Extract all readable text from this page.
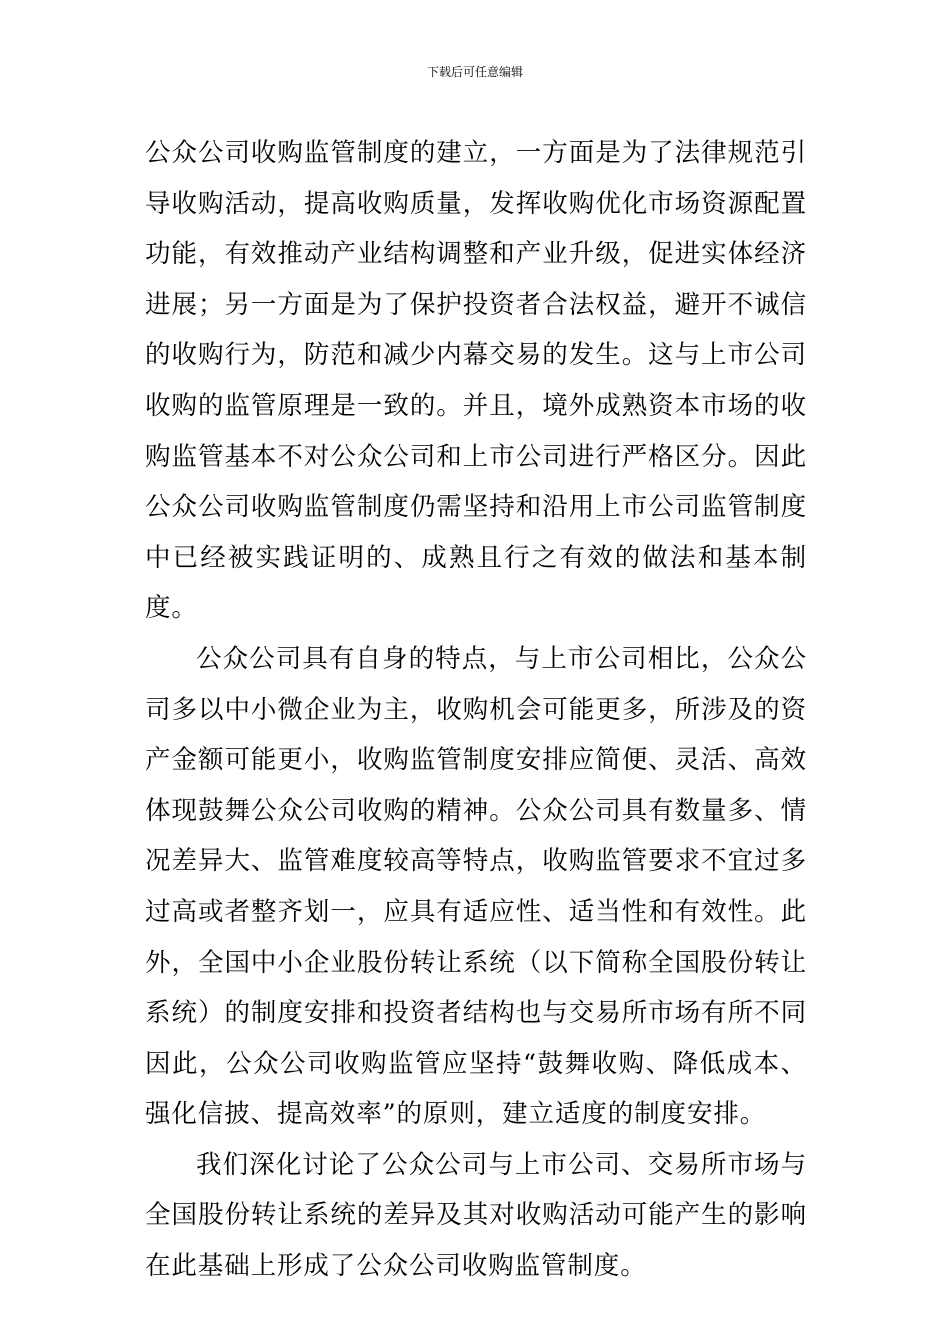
下载后可任意编辑

公众公司收购监管制度的建立，一方面是为了法律规范引导收购活动，提高收购质量，发挥收购优化市场资源配置功能，有效推动产业结构调整和产业升级，促进实体经济进展；另一方面是为了保护投资者合法权益，避开不诚信的收购行为，防范和减少内幕交易的发生。这与上市公司收购的监管原理是一致的。并且，境外成熟资本市场的收购监管基本不对公众公司和上市公司进行严格区分。因此公众公司收购监管制度仍需坚持和沿用上市公司监管制度中已经被实践证明的、成熟且行之有效的做法和基本制度。

公众公司具有自身的特点，与上市公司相比，公众公司多以中小微企业为主，收购机会可能更多，所涉及的资产金额可能更小，收购监管制度安排应简便、灵活、高效体现鼓舞公众公司收购的精神。公众公司具有数量多、情况差异大、监管难度较高等特点，收购监管要求不宜过多过高或者整齐划一，应具有适应性、适当性和有效性。此外，全国中小企业股份转让系统（以下简称全国股份转让系统）的制度安排和投资者结构也与交易所市场有所不同因此，公众公司收购监管应坚持“鼓舞收购、降低成本、强化信披、提高效率”的原则，建立适度的制度安排。

我们深化讨论了公众公司与上市公司、交易所市场与全国股份转让系统的差异及其对收购活动可能产生的影响在此基础上形成了公众公司收购监管制度。
